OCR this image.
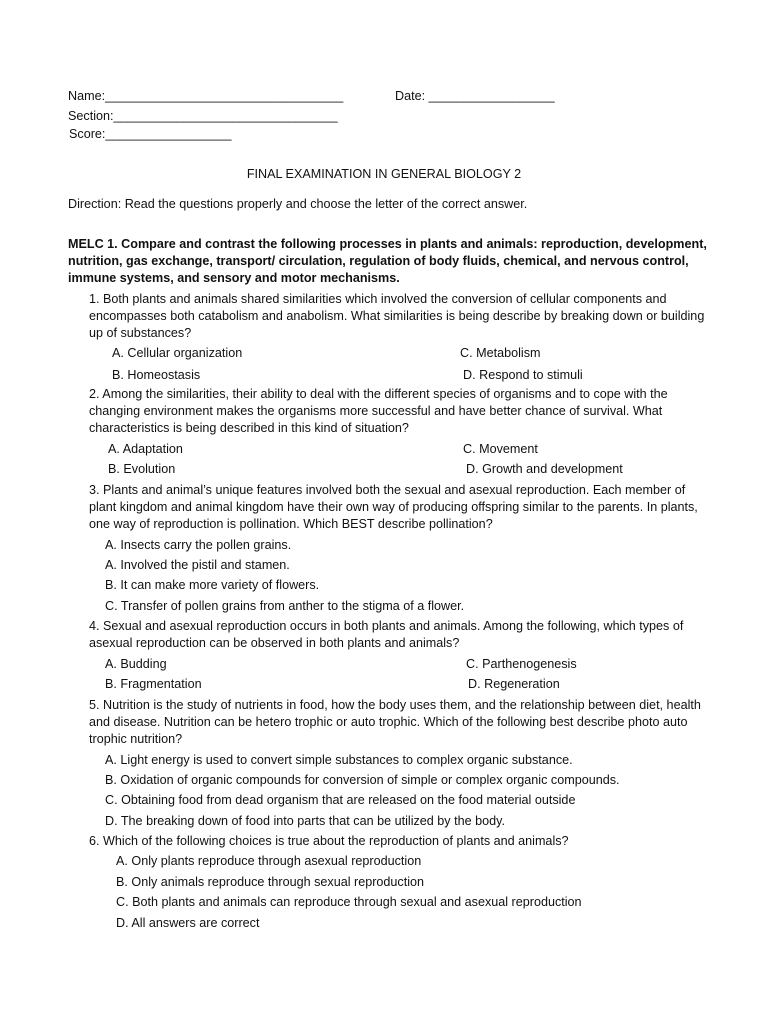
Name:__________________________________	Date: __________________
Section:________________________________
Score:__________________
FINAL EXAMINATION IN GENERAL BIOLOGY 2
Direction: Read the questions properly and choose the letter of the correct answer.
MELC 1. Compare and contrast the following processes in plants and animals: reproduction, development, nutrition, gas exchange, transport/ circulation, regulation of body fluids, chemical, and nervous control, immune systems, and sensory and motor mechanisms.
1. Both plants and animals shared similarities which involved the conversion of cellular components and encompasses both catabolism and anabolism. What similarities is being describe by breaking down or building up of substances?
A. Cellular organization	C. Metabolism
B. Homeostasis	D. Respond to stimuli
2. Among the similarities, their ability to deal with the different species of organisms and to cope with the changing environment makes the organisms more successful and have better chance of survival. What characteristics is being described in this kind of situation?
A. Adaptation	C. Movement
B. Evolution	D. Growth and development
3. Plants and animal’s unique features involved both the sexual and asexual reproduction. Each member of plant kingdom and animal kingdom have their own way of producing offspring similar to the parents. In plants, one way of reproduction is pollination. Which BEST describe pollination?
A. Insects carry the pollen grains.
A. Involved the pistil and stamen.
B. It can make more variety of flowers.
C. Transfer of pollen grains from anther to the stigma of a flower.
4. Sexual and asexual reproduction occurs in both plants and animals. Among the following, which types of asexual reproduction can be observed in both plants and animals?
A. Budding	C. Parthenogenesis
B. Fragmentation	D. Regeneration
5. Nutrition is the study of nutrients in food, how the body uses them, and the relationship between diet, health and disease. Nutrition can be hetero trophic or auto trophic. Which of the following best describe photo auto trophic nutrition?
A. Light energy is used to convert simple substances to complex organic substance.
B. Oxidation of organic compounds for conversion of simple or complex organic compounds.
C. Obtaining food from dead organism that are released on the food material outside
D. The breaking down of food into parts that can be utilized by the body.
6. Which of the following choices is true about the reproduction of plants and animals?
A. Only plants reproduce through asexual reproduction
B. Only animals reproduce through sexual reproduction
C. Both plants and animals can reproduce through sexual and asexual reproduction
D. All answers are correct
